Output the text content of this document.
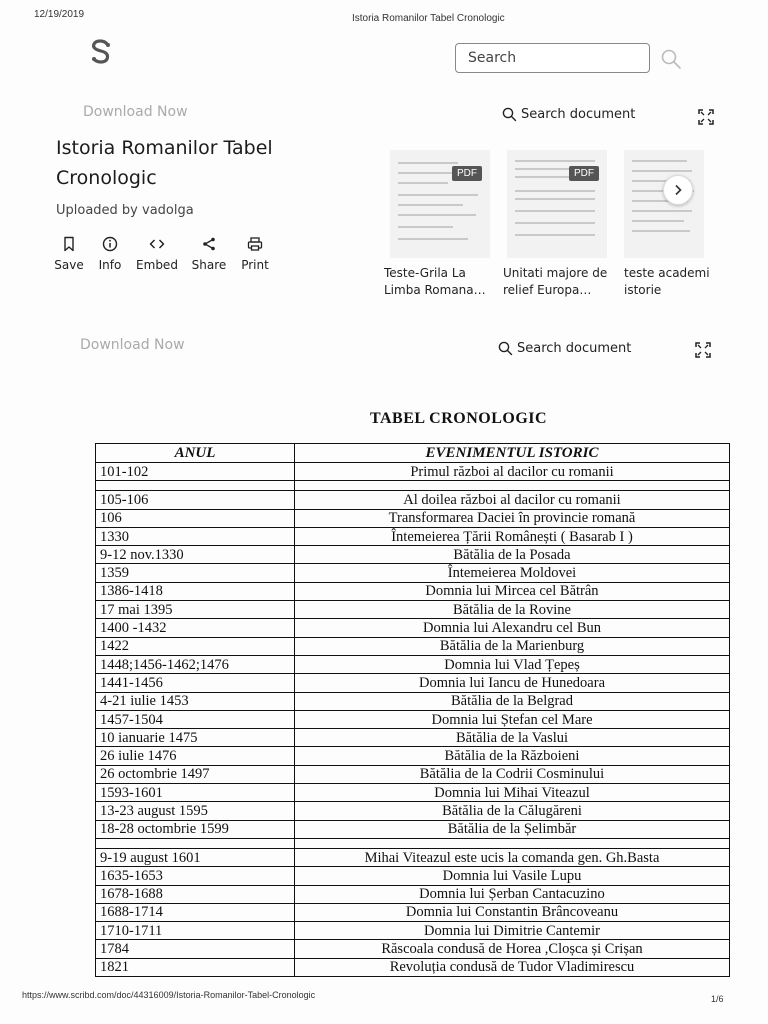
12/19/2019	Istoria Romanilor Tabel Cronologic
Search
Download Now	Search document
Istoria Romanilor Tabel
Cronologic
Uploaded by vadolga
Save	Info	Embed	Share	Print
PDF	PDF
Teste-Grila La
Limba Romana…
Unitati majore de
relief Europa…
teste academi
istorie
Download Now	Search document
TABEL CRONOLOGIC
ANUL	EVENIMENTUL ISTORIC
101-102	Primul război al dacilor cu romanii

105-106	Al doilea război al dacilor cu romanii
106	Transformarea Daciei în provincie romană
1330	Întemeierea Țării Românești ( Basarab I )
9-12 nov.1330	Bătălia de la Posada
1359	Întemeierea Moldovei
1386-1418	Domnia lui Mircea cel Bătrân
17 mai 1395	Bătălia de la Rovine
1400 -1432	Domnia lui Alexandru cel Bun
1422	Bătălia de la Marienburg
1448;1456-1462;1476	Domnia lui Vlad Țepeș
1441-1456	Domnia lui Iancu de Hunedoara
4-21 iulie 1453	Bătălia de la Belgrad
1457-1504	Domnia lui Ștefan cel Mare
10 ianuarie 1475	Bătălia de la Vaslui
26 iulie 1476	Bătălia de la Războieni
26 octombrie 1497	Bătălia de la Codrii Cosminului
1593-1601	Domnia lui Mihai Viteazul
13-23 august 1595	Bătălia de la Călugăreni
18-28 octombrie 1599	Bătălia de la Șelimbăr

9-19 august 1601	Mihai Viteazul este ucis la comanda gen. Gh.Basta
1635-1653	Domnia lui Vasile Lupu
1678-1688	Domnia lui Șerban Cantacuzino
1688-1714	Domnia lui Constantin Brâncoveanu
1710-1711	Domnia lui Dimitrie Cantemir
1784	Răscoala condusă de Horea ,Cloșca și Crișan
1821	Revoluția condusă de Tudor Vladimirescu
https://www.scribd.com/doc/44316009/Istoria-Romanilor-Tabel-Cronologic	1/6
